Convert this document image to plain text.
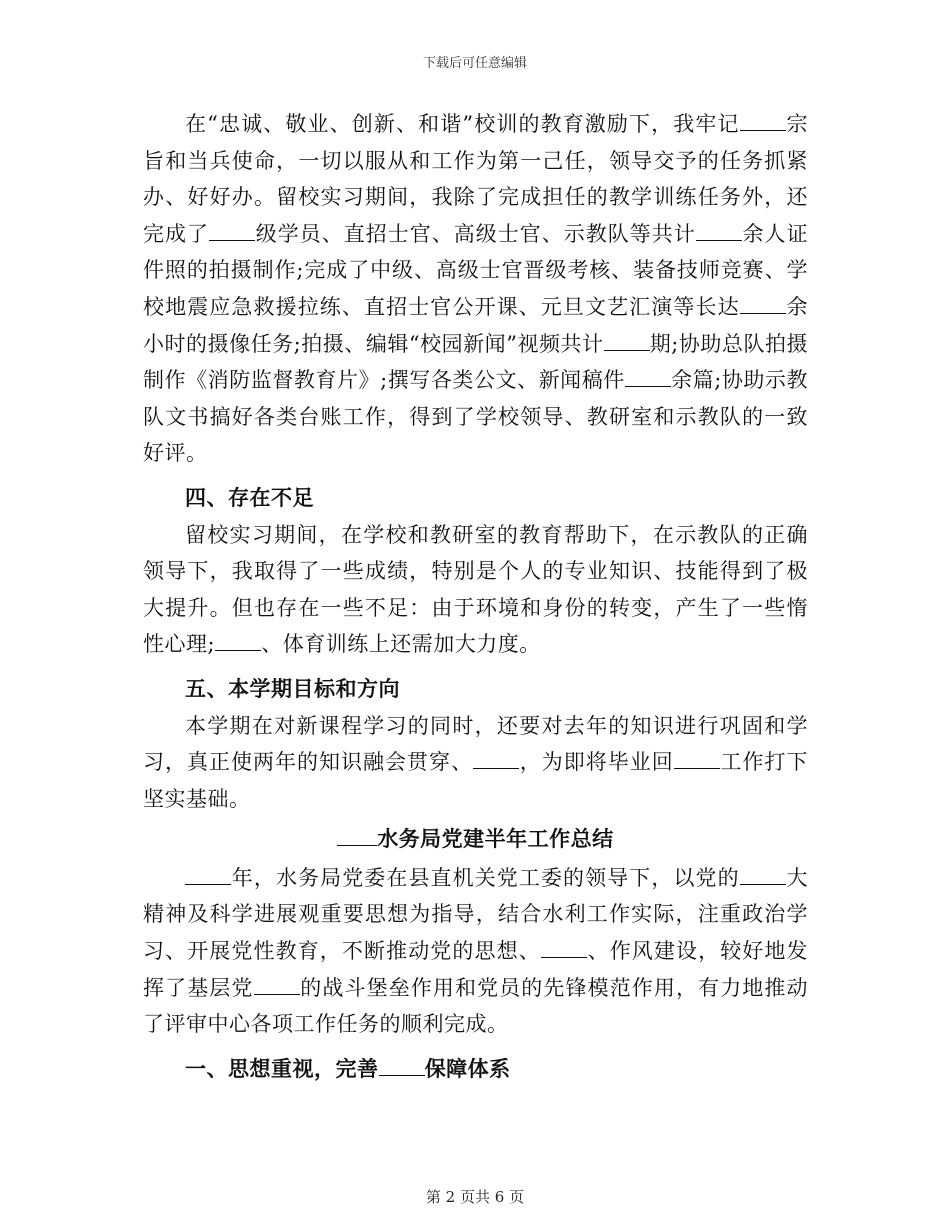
下载后可任意编辑

在“忠诚、敬业、创新、和谐”校训的教育激励下，我牢记 宗旨和当兵使命，一切以服从和工作为第一己任，领导交予的任务抓紧办、好好办。留校实习期间，我除了完成担任的教学训练任务外，还完成了 级学员、直招士官、高级士官、示教队等共计 余人证件照的拍摄制作;完成了中级、高级士官晋级考核、装备技师竞赛、学校地震应急救援拉练、直招士官公开课、元旦文艺汇演等长达 余小时的摄像任务;拍摄、编辑“校园新闻”视频共计 期;协助总队拍摄制作《消防监督教育片》;撰写各类公文、新闻稿件 余篇;协助示教队文书搞好各类台账工作，得到了学校领导、教研室和示教队的一致好评。

四、存在不足

留校实习期间，在学校和教研室的教育帮助下，在示教队的正确领导下，我取得了一些成绩，特别是个人的专业知识、技能得到了极大提升。但也存在一些不足：由于环境和身份的转变，产生了一些惰性心理; 、体育训练上还需加大力度。

五、本学期目标和方向

本学期在对新课程学习的同时，还要对去年的知识进行巩固和学习，真正使两年的知识融会贯穿、 ，为即将毕业回 工作打下坚实基础。

水务局党建半年工作总结

年，水务局党委在县直机关党工委的领导下，以党的 大精神及科学进展观重要思想为指导，结合水利工作实际，注重政治学习、开展党性教育，不断推动党的思想、 、作风建设，较好地发挥了基层党 的战斗堡垒作用和党员的先锋模范作用，有力地推动了评审中心各项工作任务的顺利完成。

一、思想重视，完善 保障体系

第 2 页共 6 页
